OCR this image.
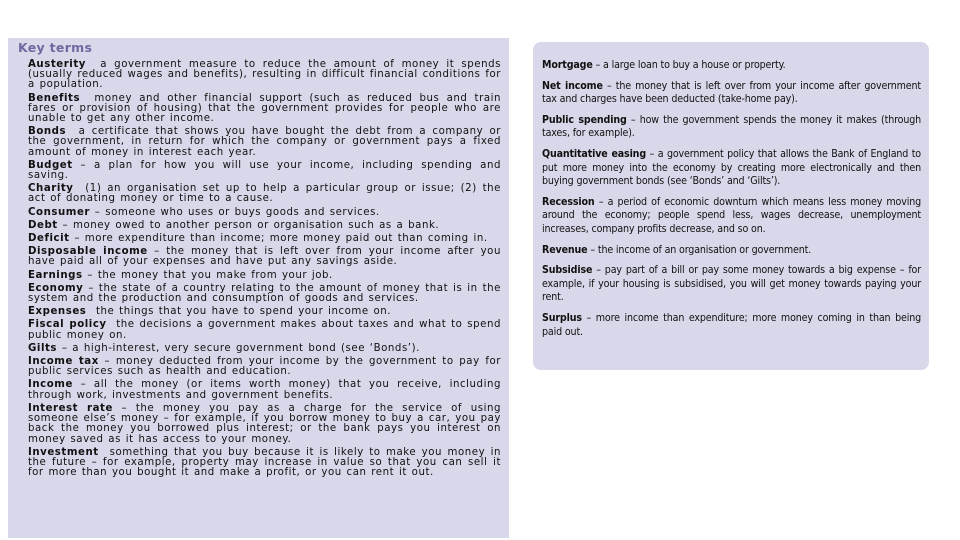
Key terms

Austerity a government measure to reduce the amount of money it spends (usually reduced wages and benefits), resulting in difficult financial conditions for a population.

Benefits money and other financial support (such as reduced bus and train fares or provision of housing) that the government provides for people who are unable to get any other income.

Bonds a certificate that shows you have bought the debt from a company or the government, in return for which the company or government pays a fixed amount of money in interest each year.

Budget – a plan for how you will use your income, including spending and saving.

Charity (1) an organisation set up to help a particular group or issue; (2) the act of donating money or time to a cause.

Consumer – someone who uses or buys goods and services.

Debt – money owed to another person or organisation such as a bank.

Deficit – more expenditure than income; more money paid out than coming in.

Disposable income – the money that is left over from your income after you have paid all of your expenses and have put any savings aside.

Earnings – the money that you make from your job.

Economy – the state of a country relating to the amount of money that is in the system and the production and consumption of goods and services.

Expenses the things that you have to spend your income on.

Fiscal policy the decisions a government makes about taxes and what to spend public money on.

Gilts – a high-interest, very secure government bond (see ‘Bonds’).

Income tax – money deducted from your income by the government to pay for public services such as health and education.

Income – all the money (or items worth money) that you receive, including through work, investments and government benefits.

Interest rate – the money you pay as a charge for the service of using someone else’s money – for example, if you borrow money to buy a car, you pay back the money you borrowed plus interest; or the bank pays you interest on money saved as it has access to your money.

Investment something that you buy because it is likely to make you money in the future – for example, property may increase in value so that you can sell it for more than you bought it and make a profit, or you can rent it out.

Mortgage – a large loan to buy a house or property.

Net income – the money that is left over from your income after government tax and charges have been deducted (take-home pay).

Public spending – how the government spends the money it makes (through taxes, for example).

Quantitative easing – a government policy that allows the Bank of England to put more money into the economy by creating more electronically and then buying government bonds (see ‘Bonds’ and ‘Gilts’).

Recession – a period of economic downturn which means less money moving around the economy; people spend less, wages decrease, unemployment increases, company profits decrease, and so on.

Revenue – the income of an organisation or government.

Subsidise – pay part of a bill or pay some money towards a big expense – for example, if your housing is subsidised, you will get money towards paying your rent.

Surplus – more income than expenditure; more money coming in than being paid out.
